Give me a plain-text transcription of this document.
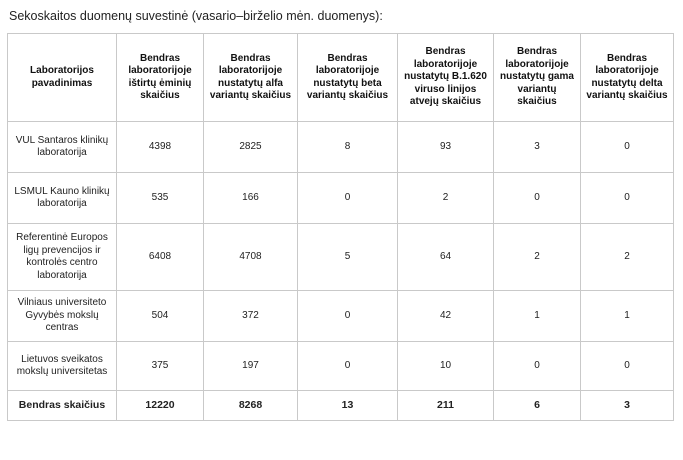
Sekoskaitos duomenų suvestinė (vasario–birželio mėn. duomenys):
Laboratorijos pavadinimas	Bendras laboratorijoje ištirtų ėminių skaičius	Bendras laboratorijoje nustatytų alfa variantų skaičius	Bendras laboratorijoje nustatytų beta variantų skaičius	Bendras laboratorijoje nustatytų B.1.620 viruso linijos atvejų skaičius	Bendras laboratorijoje nustatytų gama variantų skaičius	Bendras laboratorijoje nustatytų delta variantų skaičius
VUL Santaros klinikų laboratorija	4398	2825	8	93	3	0
LSMUL Kauno klinikų laboratorija	535	166	0	2	0	0
Referentinė Europos ligų prevencijos ir kontrolės centro laboratorija	6408	4708	5	64	2	2
Vilniaus universiteto Gyvybės mokslų centras	504	372	0	42	1	1
Lietuvos sveikatos mokslų universitetas	375	197	0	10	0	0
Bendras skaičius	12220	8268	13	211	6	3
